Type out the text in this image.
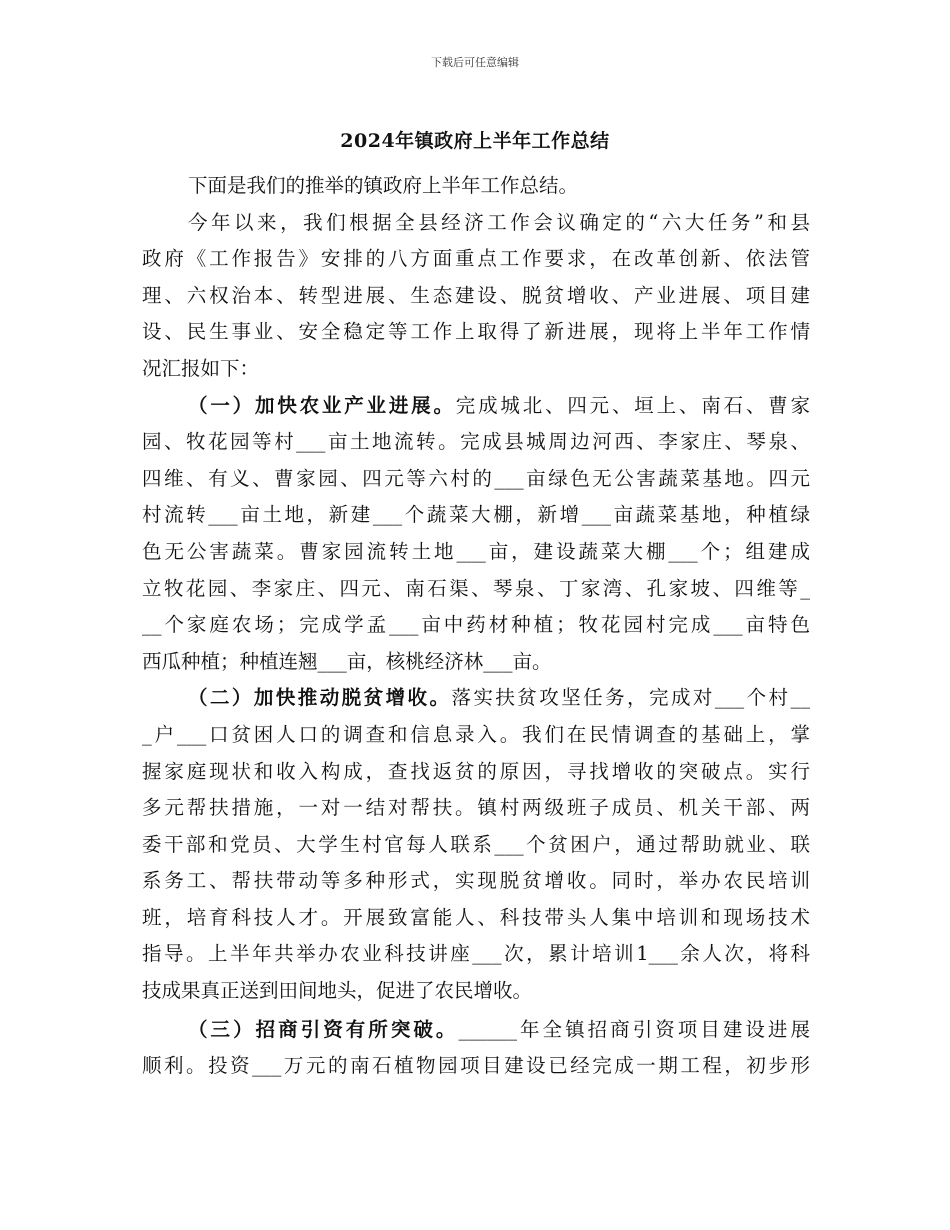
下载后可任意编辑
2024年镇政府上半年工作总结
下面是我们的推举的镇政府上半年工作总结。
今年以来，我们根据全县经济工作会议确定的“六大任务”和县
政府《工作报告》安排的八方面重点工作要求，在改革创新、依法管
理、六权治本、转型进展、生态建设、脱贫增收、产业进展、项目建
设、民生事业、安全稳定等工作上取得了新进展，现将上半年工作情
况汇报如下：
（一）加快农业产业进展。完成城北、四元、垣上、南石、曹家
园、牧花园等村___亩土地流转。完成县城周边河西、李家庄、琴泉、
四维、有义、曹家园、四元等六村的___亩绿色无公害蔬菜基地。四元
村流转___亩土地，新建___个蔬菜大棚，新增___亩蔬菜基地，种植绿
色无公害蔬菜。曹家园流转土地___亩，建设蔬菜大棚___个；组建成
立牧花园、李家庄、四元、南石渠、琴泉、丁家湾、孔家坡、四维等_
__个家庭农场；完成学孟___亩中药材种植；牧花园村完成___亩特色
西瓜种植；种植连翘___亩，核桃经济林___亩。
（二）加快推动脱贫增收。落实扶贫攻坚任务，完成对___个村__
_户___口贫困人口的调查和信息录入。我们在民情调查的基础上，掌
握家庭现状和收入构成，查找返贫的原因，寻找增收的突破点。实行
多元帮扶措施，一对一结对帮扶。镇村两级班子成员、机关干部、两
委干部和党员、大学生村官每人联系___个贫困户，通过帮助就业、联
系务工、帮扶带动等多种形式，实现脱贫增收。同时，举办农民培训
班，培育科技人才。开展致富能人、科技带头人集中培训和现场技术
指导。上半年共举办农业科技讲座___次，累计培训1___余人次，将科
技成果真正送到田间地头，促进了农民增收。
（三）招商引资有所突破。______年全镇招商引资项目建设进展
顺利。投资___万元的南石植物园项目建设已经完成一期工程，初步形
